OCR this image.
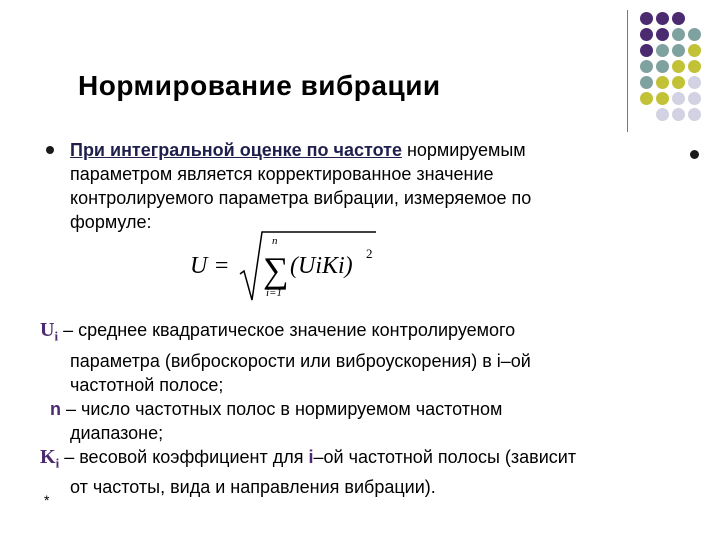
Нормирование вибрации
При интегральной оценке по частоте нормируемым
параметром является корректированное значение
контролируемого параметра вибрации, измеряемое по
формуле:
U =
n
∑
i=1
(UiKi) 2
$U_i$ – среднее квадратическое значение контролируемого
параметра (виброскорости или виброускорения) в i–ой
частотной полосе;
n – число частотных полос в нормируемом частотном
диапазоне;
$K_i$ – весовой коэффициент для i–ой частотной полосы (зависит
от частоты, вида и направления вибрации).
*
